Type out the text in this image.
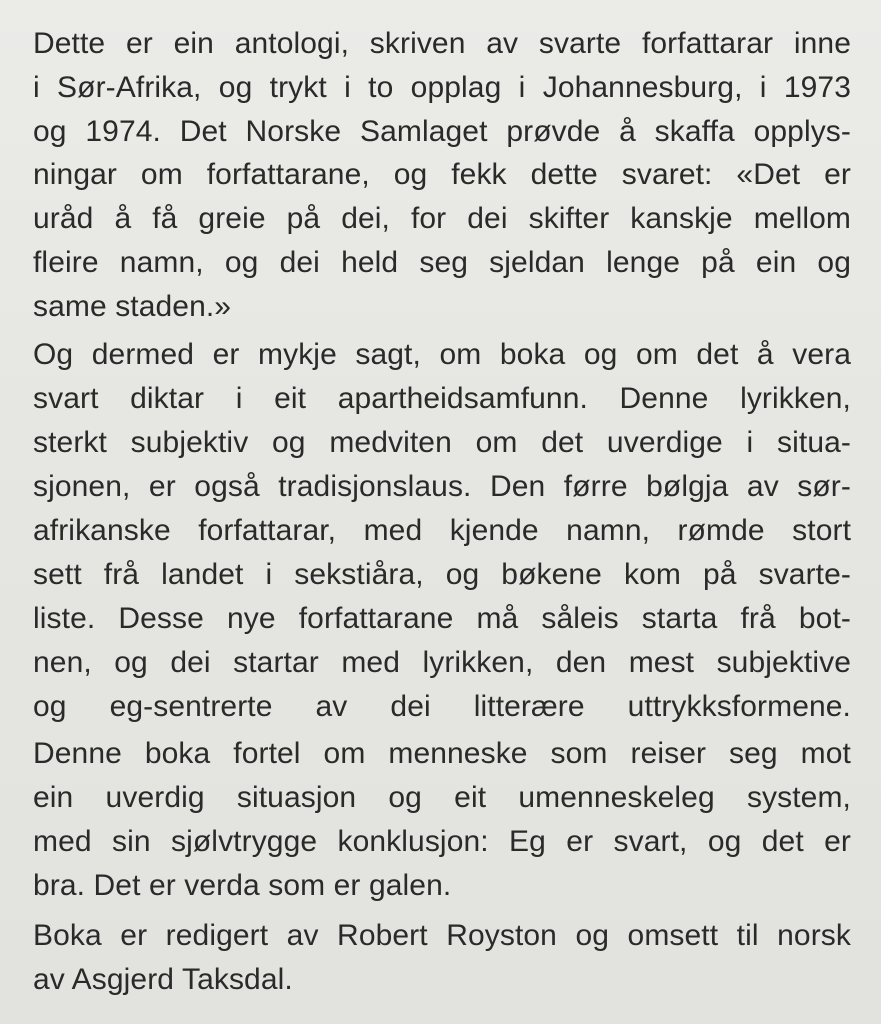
Dette er ein antologi, skriven av svarte forfattarar inne

i Sør-Afrika, og trykt i to opplag i Johannesburg, i 1973

og 1974. Det Norske Samlaget prøvde å skaffa opplys-

ningar om forfattarane, og fekk dette svaret: «Det er

uråd å få greie på dei, for dei skifter kanskje mellom

fleire namn, og dei held seg sjeldan lenge på ein og

same staden.»

Og dermed er mykje sagt, om boka og om det å vera

svart diktar i eit apartheidsamfunn. Denne lyrikken,

sterkt subjektiv og medviten om det uverdige i situa-

sjonen, er også tradisjonslaus. Den førre bølgja av sør-

afrikanske forfattarar, med kjende namn, rømde stort

sett frå landet i sekstiåra, og bøkene kom på svarte-

liste. Desse nye forfattarane må såleis starta frå bot-

nen, og dei startar med lyrikken, den mest subjektive

og eg-sentrerte av dei litterære uttrykksformene.

Denne boka fortel om menneske som reiser seg mot

ein uverdig situasjon og eit umenneskeleg system,

med sin sjølvtrygge konklusjon: Eg er svart, og det er

bra. Det er verda som er galen.

Boka er redigert av Robert Royston og omsett til norsk

av Asgjerd Taksdal.
